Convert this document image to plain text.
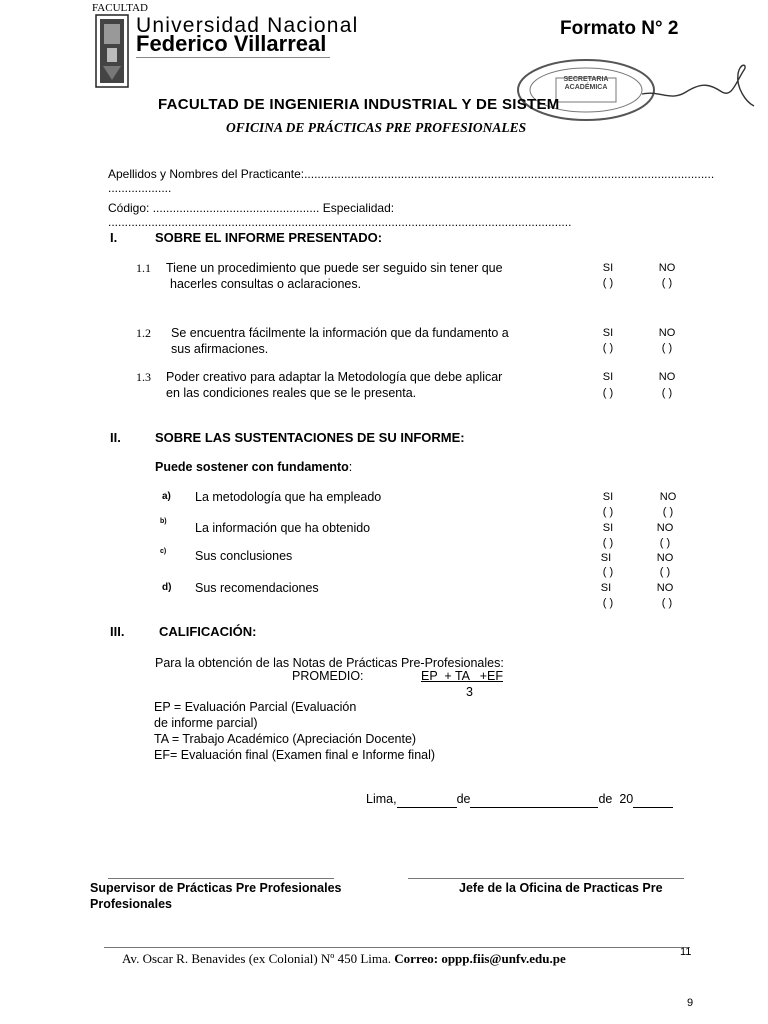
FACULTAD
Universidad Nacional
Federico Villarreal
Formato N° 2
SECRETARIA ACADÉMICA
FACULTAD DE INGENIERIA INDUSTRIAL Y DE SISTEM
OFICINA DE PRÁCTICAS PRE PROFESIONALES
Apellidos y Nombres del Practicante:........................................................................................................................... ...................
Código: .................................................. Especialidad: ...........................................................................................................................................
I.	SOBRE EL INFORME PRESENTADO:
1.1 Tiene un procedimiento que puede ser seguido sin tener que
hacerles consultas o aclaraciones.
SI	NO
( )	( )
1.2 Se encuentra fácilmente la información que da fundamento a
sus afirmaciones.
SI	NO
( )	( )
1.3 Poder creativo para adaptar la Metodología que debe aplicar
en las condiciones reales que se le presenta.
SI	NO
( )	( )
II.	SOBRE LAS SUSTENTACIONES DE SU INFORME:
Puede sostener con fundamento:
a) La metodología que ha empleado	SI	NO
( )	( )
b) La información que ha obtenido	SI	NO
( )	( )
c) Sus conclusiones	SI	NO
( )	( )
d) Sus recomendaciones	SI	NO
( )	( )
III.	CALIFICACIÓN:
Para la obtención de las Notas de Prácticas Pre-Profesionales:
PROMEDIO:	EP  + TA   +EF
3
EP = Evaluación Parcial (Evaluación
de informe parcial)
TA = Trabajo Académico (Apreciación Docente)
EF= Evaluación final (Examen final e Informe final)
Lima,	de	de  20
Supervisor de Prácticas Pre Profesionales
Profesionales
Jefe de la Oficina de Practicas Pre
Av. Oscar R. Benavides (ex Colonial) Nº 450 Lima. Correo: oppp.fiis@unfv.edu.pe	11
9
